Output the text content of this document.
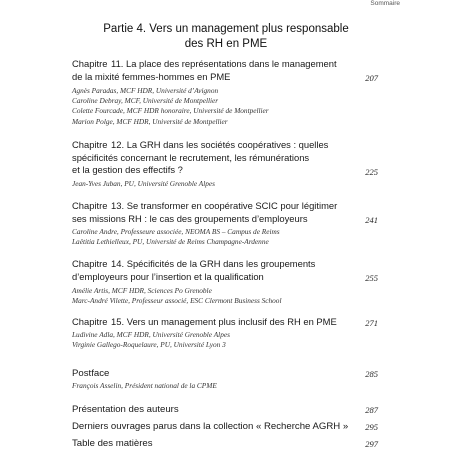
Sommaire
Partie 4. Vers un management plus responsable
des RH en PME
Chapitre 11. La place des représentations dans le management
de la mixité femmes-hommes en PME	207
Agnès Paradas, MCF HDR, Université d’Avignon
Caroline Debray, MCF, Université de Montpellier
Colette Fourcade, MCF HDR honoraire, Université de Montpellier
Marion Polge, MCF HDR, Université de Montpellier
Chapitre 12. La GRH dans les sociétés coopératives : quelles
spécificités concernant le recrutement, les rémunérations
et la gestion des effectifs ?	225
Jean-Yves Juban, PU, Université Grenoble Alpes
Chapitre 13. Se transformer en coopérative SCIC pour légitimer
ses missions RH : le cas des groupements d’employeurs	241
Caroline Andre, Professeure associée, NEOMA BS – Campus de Reims
Laëtitia Lethielleux, PU, Université de Reims Champagne-Ardenne
Chapitre 14. Spécificités de la GRH dans les groupements
d’employeurs pour l’insertion et la qualification	255
Amélie Artis, MCF HDR, Sciences Po Grenoble
Marc-André Vilette, Professeur associé, ESC Clermont Business School
Chapitre 15. Vers un management plus inclusif des RH en PME	271
Ludivine Adla, MCF HDR, Université Grenoble Alpes
Virginie Gallego-Roquelaure, PU, Université Lyon 3
Postface	285
François Asselin, Président national de la CPME
Présentation des auteurs	287
Derniers ouvrages parus dans la collection « Recherche AGRH » 295
Table des matières	297
